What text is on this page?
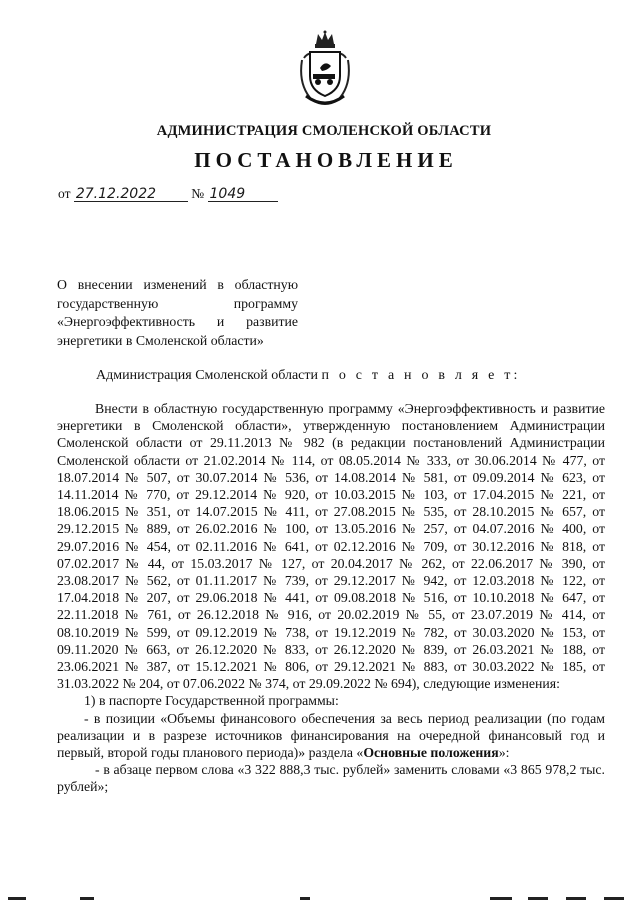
АДМИНИСТРАЦИЯ СМОЛЕНСКОЙ ОБЛАСТИ
ПОСТАНОВЛЕНИЕ
от 27.12.2022	№ 1049
О внесении изменений в областную государственную программу «Энергоэффективность и развитие энергетики в Смоленской области»
Администрация Смоленской области п о с т а н о в л я е т:

Внести в областную государственную программу «Энергоэффективность и развитие энергетики в Смоленской области», утвержденную постановлением Администрации Смоленской области от 29.11.2013 № 982 (в редакции постановлений Администрации Смоленской области от 21.02.2014 № 114, от 08.05.2014 № 333, от 30.06.2014 № 477, от 18.07.2014 № 507, от 30.07.2014 № 536, от 14.08.2014 № 581, от 09.09.2014 № 623, от 14.11.2014 № 770, от 29.12.2014 № 920, от 10.03.2015 № 103, от 17.04.2015 № 221, от 18.06.2015 № 351, от 14.07.2015 № 411, от 27.08.2015 № 535, от 28.10.2015 № 657, от 29.12.2015 № 889, от 26.02.2016 № 100, от 13.05.2016 № 257, от 04.07.2016 № 400, от 29.07.2016 № 454, от 02.11.2016 № 641, от 02.12.2016 № 709, от 30.12.2016 № 818, от 07.02.2017 № 44, от 15.03.2017 № 127, от 20.04.2017 № 262, от 22.06.2017 № 390, от 23.08.2017 № 562, от 01.11.2017 № 739, от 29.12.2017 № 942, от 12.03.2018 № 122, от 17.04.2018 № 207, от 29.06.2018 № 441, от 09.08.2018 № 516, от 10.10.2018 № 647, от 22.11.2018 № 761, от 26.12.2018 № 916, от 20.02.2019 № 55, от 23.07.2019 № 414, от 08.10.2019 № 599, от 09.12.2019 № 738, от 19.12.2019 № 782, от 30.03.2020 № 153, от 09.11.2020 № 663, от 26.12.2020 № 833, от 26.12.2020 № 839, от 26.03.2021 № 188, от 23.06.2021 № 387, от 15.12.2021 № 806, от 29.12.2021 № 883, от 30.03.2022 № 185, от 31.03.2022 № 204, от 07.06.2022 № 374, от 29.09.2022 № 694), следующие изменения:

1) в паспорте Государственной программы:

- в позиции «Объемы финансового обеспечения за весь период реализации (по годам реализации и в разрезе источников финансирования на очередной финансовый год и первый, второй годы планового периода)» раздела «Основные положения»:

- в абзаце первом слова «3 322 888,3 тыс. рублей» заменить словами «3 865 978,2 тыс. рублей»;
